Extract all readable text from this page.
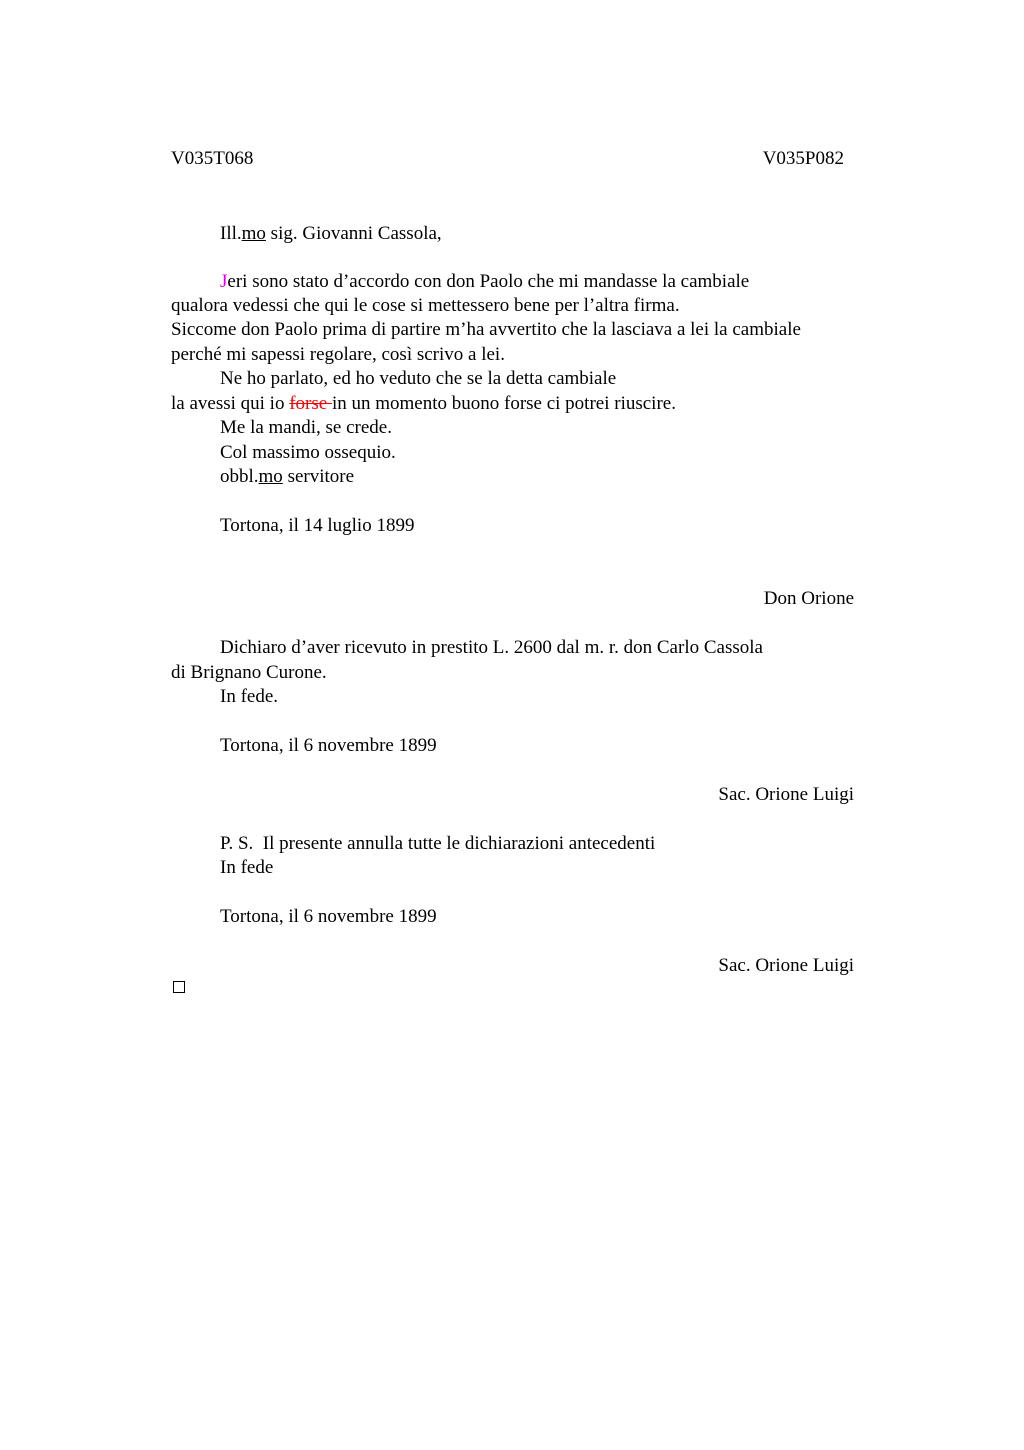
V035T068	V035P082
Ill.mo sig. Giovanni Cassola,
Jeri sono stato d’accordo con don Paolo che mi mandasse la cambiale
qualora vedessi che qui le cose si mettessero bene per l’altra firma.
Siccome don Paolo prima di partire m’ha avvertito che la lasciava a lei la cambiale
perché mi sapessi regolare, così scrivo a lei.
Ne ho parlato, ed ho veduto che se la detta cambiale
la avessi qui io forse in un momento buono forse ci potrei riuscire.
Me la mandi, se crede.
Col massimo ossequio.
obbl.mo servitore
Tortona, il 14 luglio 1899
Don Orione
Dichiaro d’aver ricevuto in prestito L. 2600 dal m. r. don Carlo Cassola
di Brignano Curone.
In fede.
Tortona, il 6 novembre 1899
Sac. Orione Luigi
P. S.  Il presente annulla tutte le dichiarazioni antecedenti
In fede
Tortona, il 6 novembre 1899
Sac. Orione Luigi
